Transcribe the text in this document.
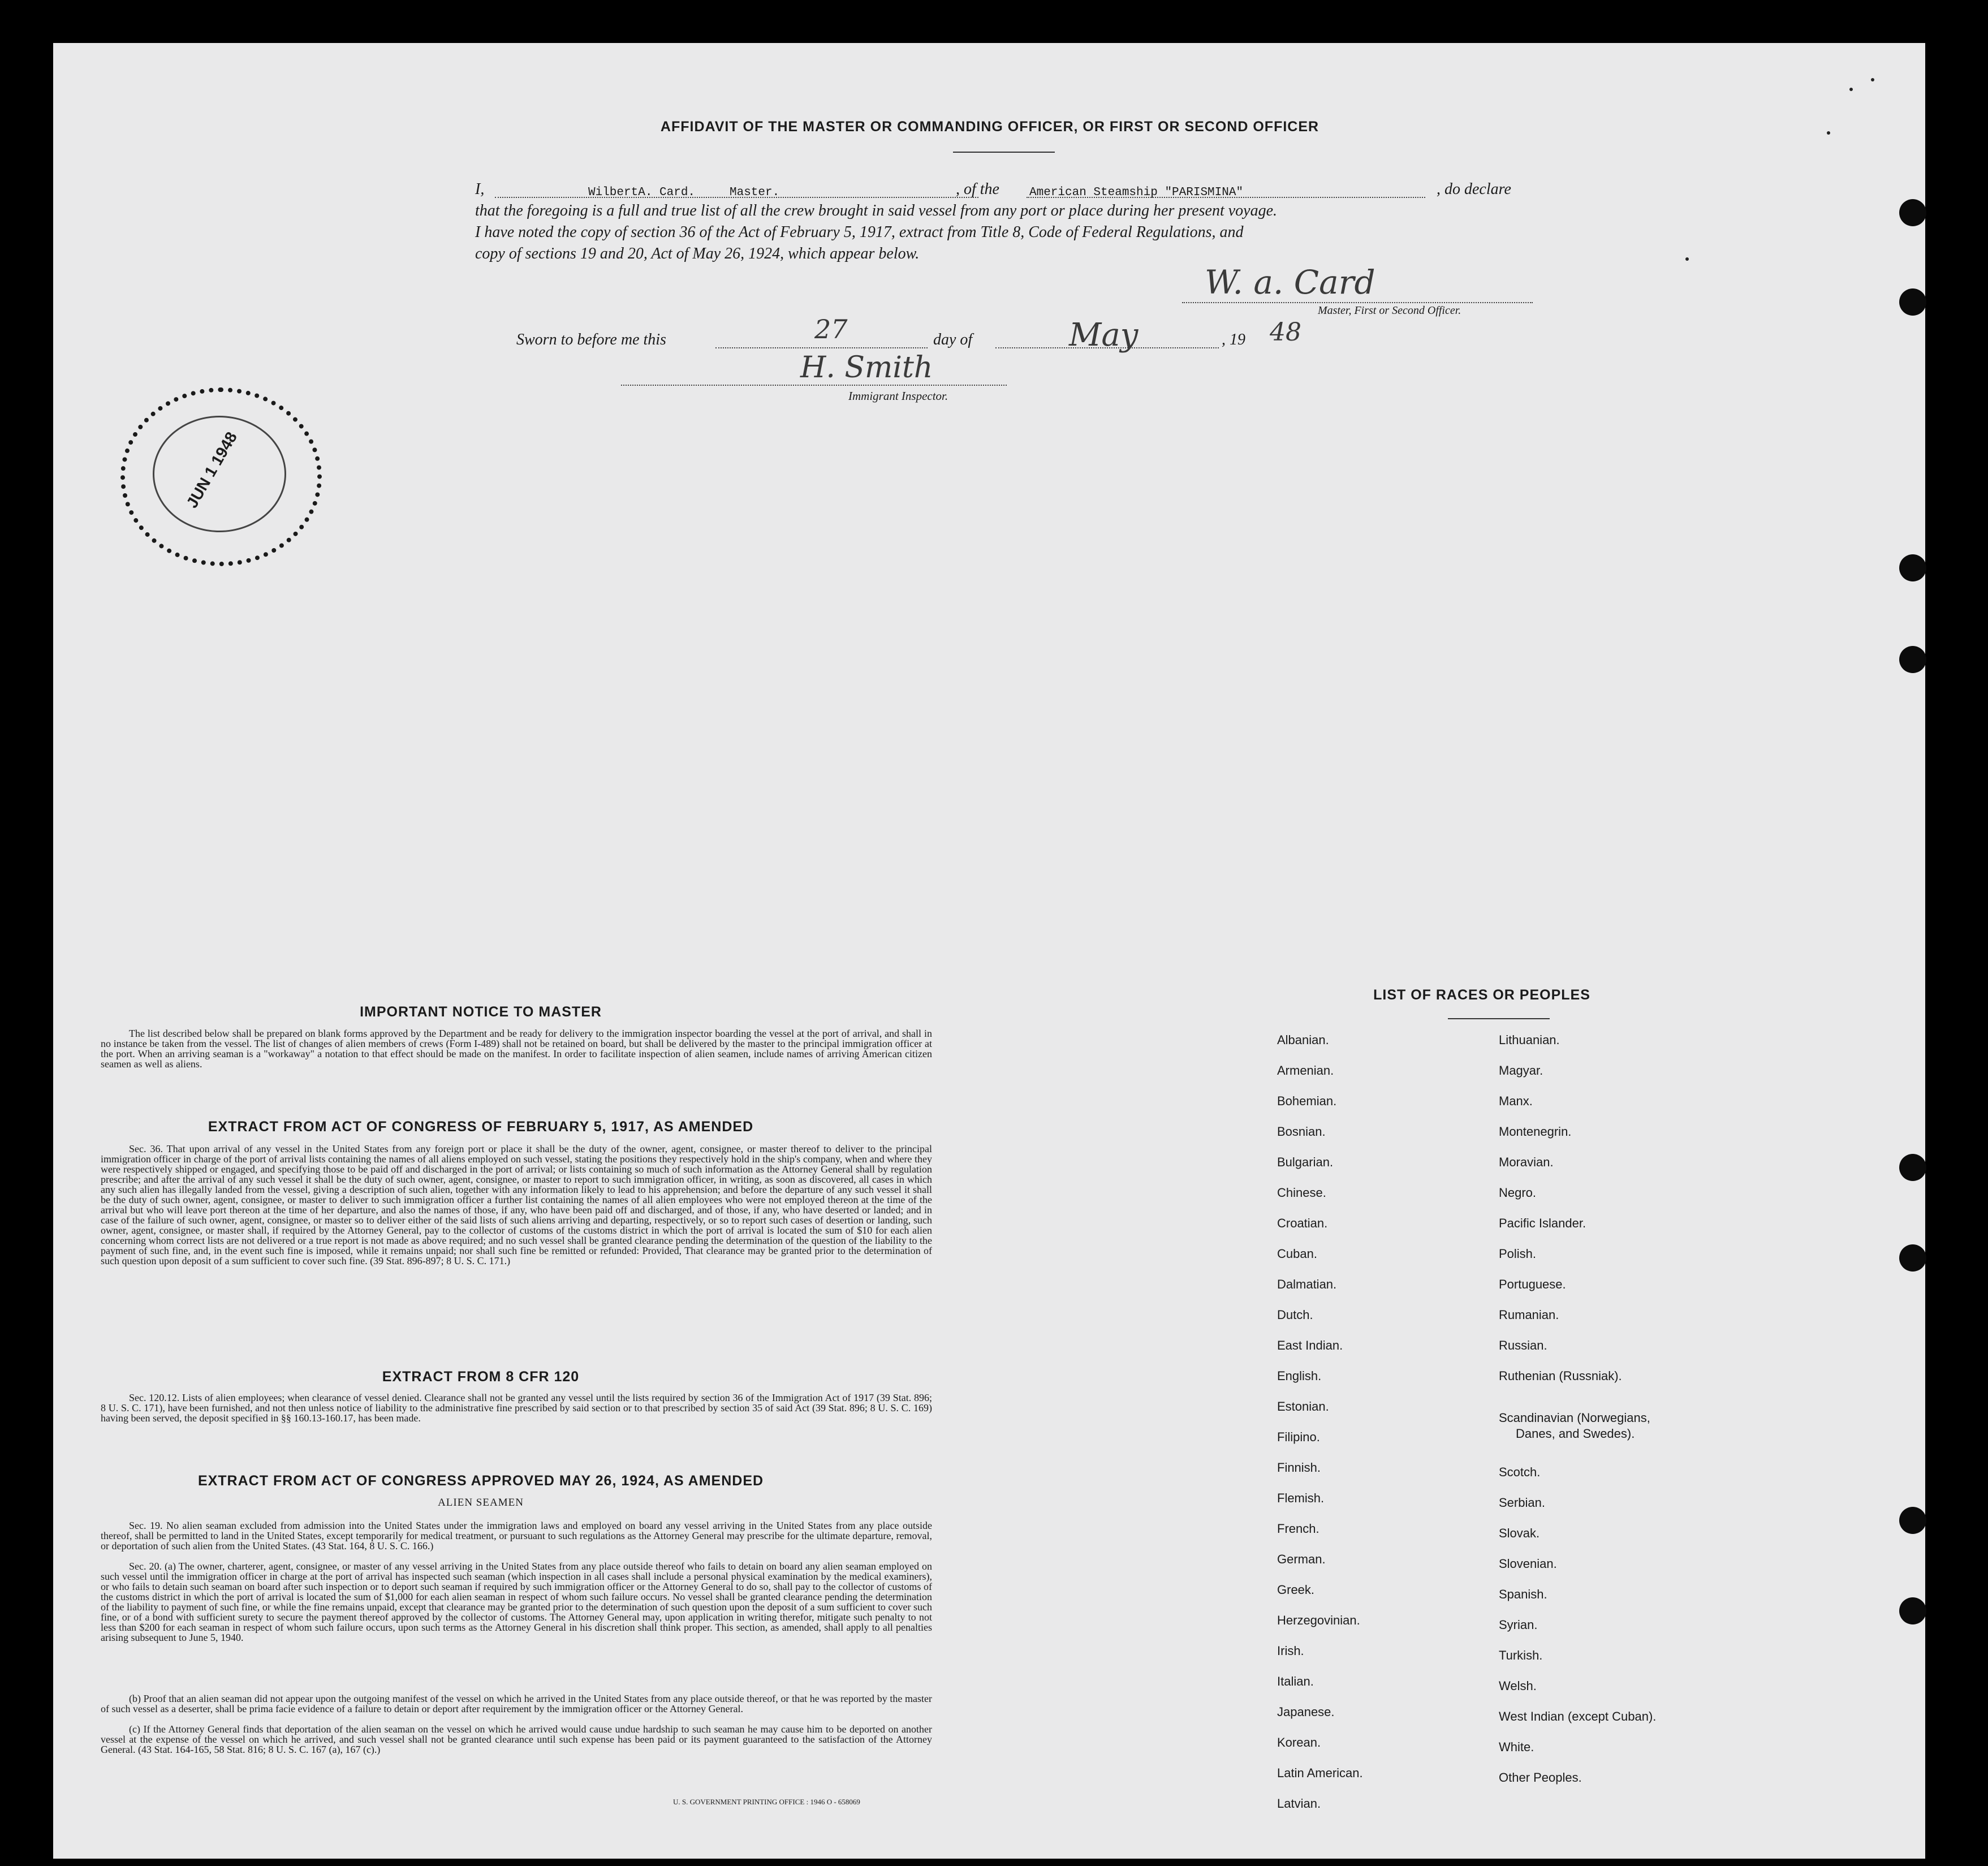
AFFIDAVIT OF THE MASTER OR COMMANDING OFFICER, OR FIRST OR SECOND OFFICER
I,	WilbertA. Card.	Master.	, of the	American Steamship "PARISMINA"	, do declare
that the foregoing is a full and true list of all the crew brought in said vessel from any port or place during her present voyage.
I have noted the copy of section 36 of the Act of February 5, 1917, extract from Title 8, Code of Federal Regulations, and
copy of sections 19 and 20, Act of May 26, 1924, which appear below.
W. a. Card
Master, First or Second Officer.
Sworn to before me this	27	day of	May	, 19 48
H. Smith
Immigrant Inspector.
JUN 1 1948
IMPORTANT NOTICE TO MASTER
The list described below shall be prepared on blank forms approved by the Department and be ready for delivery to the immigration inspector boarding the vessel at the port of arrival, and shall in no instance be taken from the vessel. The list of changes of alien members of crews (Form I-489) shall not be retained on board, but shall be delivered by the master to the principal immigration officer at the port. When an arriving seaman is a "workaway" a notation to that effect should be made on the manifest. In order to facilitate inspection of alien seamen, include names of arriving American citizen seamen as well as aliens.
EXTRACT FROM ACT OF CONGRESS OF FEBRUARY 5, 1917, AS AMENDED
Sec. 36. That upon arrival of any vessel in the United States from any foreign port or place it shall be the duty of the owner, agent, consignee, or master thereof to deliver to the principal immigration officer in charge of the port of arrival lists containing the names of all aliens employed on such vessel, stating the positions they respectively hold in the ship's company, when and where they were respectively shipped or engaged, and specifying those to be paid off and discharged in the port of arrival; or lists containing so much of such information as the Attorney General shall by regulation prescribe; and after the arrival of any such vessel it shall be the duty of such owner, agent, consignee, or master to report to such immigration officer, in writing, as soon as discovered, all cases in which any such alien has illegally landed from the vessel, giving a description of such alien, together with any information likely to lead to his apprehension; and before the departure of any such vessel it shall be the duty of such owner, agent, consignee, or master to deliver to such immigration officer a further list containing the names of all alien employees who were not employed thereon at the time of the arrival but who will leave port thereon at the time of her departure, and also the names of those, if any, who have been paid off and discharged, and of those, if any, who have deserted or landed; and in case of the failure of such owner, agent, consignee, or master so to deliver either of the said lists of such aliens arriving and departing, respectively, or so to report such cases of desertion or landing, such owner, agent, consignee, or master shall, if required by the Attorney General, pay to the collector of customs of the customs district in which the port of arrival is located the sum of $10 for each alien concerning whom correct lists are not delivered or a true report is not made as above required; and no such vessel shall be granted clearance pending the determination of the question of the liability to the payment of such fine, and, in the event such fine is imposed, while it remains unpaid; nor shall such fine be remitted or refunded: Provided, That clearance may be granted prior to the determination of such question upon deposit of a sum sufficient to cover such fine. (39 Stat. 896-897; 8 U. S. C. 171.)
EXTRACT FROM 8 CFR 120
Sec. 120.12. Lists of alien employees; when clearance of vessel denied. Clearance shall not be granted any vessel until the lists required by section 36 of the Immigration Act of 1917 (39 Stat. 896; 8 U. S. C. 171), have been furnished, and not then unless notice of liability to the administrative fine prescribed by said section or to that prescribed by section 35 of said Act (39 Stat. 896; 8 U. S. C. 169) having been served, the deposit specified in §§ 160.13-160.17, has been made.
EXTRACT FROM ACT OF CONGRESS APPROVED MAY 26, 1924, AS AMENDED
ALIEN SEAMEN
Sec. 19. No alien seaman excluded from admission into the United States under the immigration laws and employed on board any vessel arriving in the United States from any place outside thereof, shall be permitted to land in the United States, except temporarily for medical treatment, or pursuant to such regulations as the Attorney General may prescribe for the ultimate departure, removal, or deportation of such alien from the United States. (43 Stat. 164, 8 U. S. C. 166.)
Sec. 20. (a) The owner, charterer, agent, consignee, or master of any vessel arriving in the United States from any place outside thereof who fails to detain on board any alien seaman employed on such vessel until the immigration officer in charge at the port of arrival has inspected such seaman (which inspection in all cases shall include a personal physical examination by the medical examiners), or who fails to detain such seaman on board after such inspection or to deport such seaman if required by such immigration officer or the Attorney General to do so, shall pay to the collector of customs of the customs district in which the port of arrival is located the sum of $1,000 for each alien seaman in respect of whom such failure occurs. No vessel shall be granted clearance pending the determination of the liability to payment of such fine, or while the fine remains unpaid, except that clearance may be granted prior to the determination of such question upon the deposit of a sum sufficient to cover such fine, or of a bond with sufficient surety to secure the payment thereof approved by the collector of customs. The Attorney General may, upon application in writing therefor, mitigate such penalty to not less than $200 for each seaman in respect of whom such failure occurs, upon such terms as the Attorney General in his discretion shall think proper. This section, as amended, shall apply to all penalties arising subsequent to June 5, 1940.
(b) Proof that an alien seaman did not appear upon the outgoing manifest of the vessel on which he arrived in the United States from any place outside thereof, or that he was reported by the master of such vessel as a deserter, shall be prima facie evidence of a failure to detain or deport after requirement by the immigration officer or the Attorney General.
(c) If the Attorney General finds that deportation of the alien seaman on the vessel on which he arrived would cause undue hardship to such seaman he may cause him to be deported on another vessel at the expense of the vessel on which he arrived, and such vessel shall not be granted clearance until such expense has been paid or its payment guaranteed to the satisfaction of the Attorney General. (43 Stat. 164-165, 58 Stat. 816; 8 U. S. C. 167 (a), 167 (c).)
U. S. GOVERNMENT PRINTING OFFICE : 1946 O - 658069
LIST OF RACES OR PEOPLES
Albanian.
Armenian.
Bohemian.
Bosnian.
Bulgarian.
Chinese.
Croatian.
Cuban.
Dalmatian.
Dutch.
East Indian.
English.
Estonian.
Filipino.
Finnish.
Flemish.
French.
German.
Greek.
Herzegovinian.
Irish.
Italian.
Japanese.
Korean.
Latin American.
Latvian.
Lithuanian.
Magyar.
Manx.
Montenegrin.
Moravian.
Negro.
Pacific Islander.
Polish.
Portuguese.
Rumanian.
Russian.
Ruthenian (Russniak).
Scandinavian (Norwegians,
Danes, and Swedes).
Scotch.
Serbian.
Slovak.
Slovenian.
Spanish.
Syrian.
Turkish.
Welsh.
West Indian (except Cuban).
White.
Other Peoples.
